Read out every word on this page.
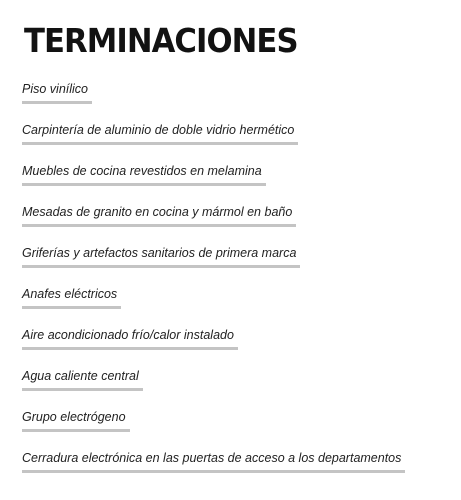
TERMINACIONES
Piso vinílico
Carpintería de aluminio de doble vidrio hermético
Muebles de cocina revestidos en melamina
Mesadas de granito en cocina y mármol en baño
Griferías y artefactos sanitarios de primera marca
Anafes eléctricos
Aire acondicionado frío/calor instalado
Agua caliente central
Grupo electrógeno
Cerradura electrónica en las puertas de acceso a los departamentos
